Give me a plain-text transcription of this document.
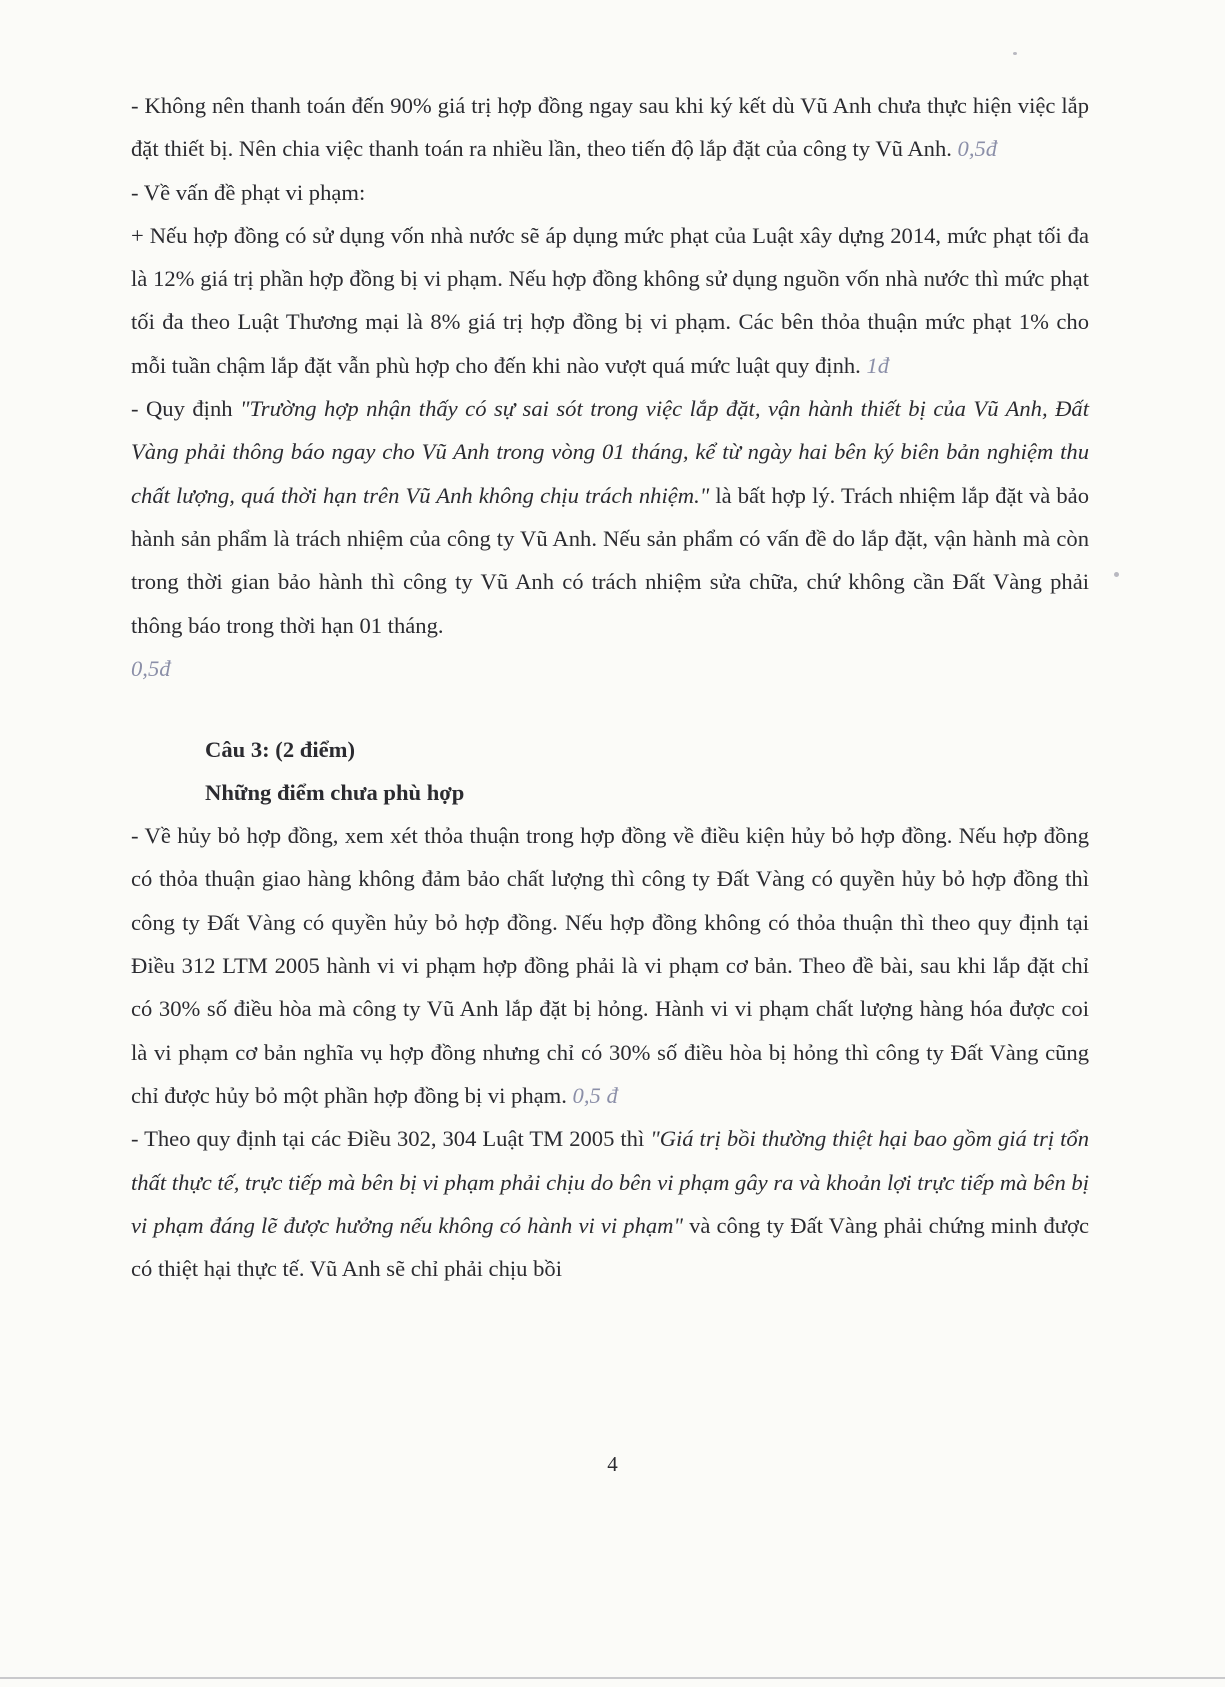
- Không nên thanh toán đến 90% giá trị hợp đồng ngay sau khi ký kết dù Vũ Anh chưa thực hiện việc lắp đặt thiết bị. Nên chia việc thanh toán ra nhiều lần, theo tiến độ lắp đặt của công ty Vũ Anh. 0,5đ

- Về vấn đề phạt vi phạm:

+ Nếu hợp đồng có sử dụng vốn nhà nước sẽ áp dụng mức phạt của Luật xây dựng 2014, mức phạt tối đa là 12% giá trị phần hợp đồng bị vi phạm. Nếu hợp đồng không sử dụng nguồn vốn nhà nước thì mức phạt tối đa theo Luật Thương mại là 8% giá trị hợp đồng bị vi phạm. Các bên thỏa thuận mức phạt 1% cho mỗi tuần chậm lắp đặt vẫn phù hợp cho đến khi nào vượt quá mức luật quy định. 1đ

- Quy định "Trường hợp nhận thấy có sự sai sót trong việc lắp đặt, vận hành thiết bị của Vũ Anh, Đất Vàng phải thông báo ngay cho Vũ Anh trong vòng 01 tháng, kể từ ngày hai bên ký biên bản nghiệm thu chất lượng, quá thời hạn trên Vũ Anh không chịu trách nhiệm." là bất hợp lý. Trách nhiệm lắp đặt và bảo hành sản phẩm là trách nhiệm của công ty Vũ Anh. Nếu sản phẩm có vấn đề do lắp đặt, vận hành mà còn trong thời gian bảo hành thì công ty Vũ Anh có trách nhiệm sửa chữa, chứ không cần Đất Vàng phải thông báo trong thời hạn 01 tháng.
0,5đ

Câu 3: (2 điểm)

Những điểm chưa phù hợp

- Về hủy bỏ hợp đồng, xem xét thỏa thuận trong hợp đồng về điều kiện hủy bỏ hợp đồng. Nếu hợp đồng có thỏa thuận giao hàng không đảm bảo chất lượng thì công ty Đất Vàng có quyền hủy bỏ hợp đồng thì công ty Đất Vàng có quyền hủy bỏ hợp đồng. Nếu hợp đồng không có thỏa thuận thì theo quy định tại Điều 312 LTM 2005 hành vi vi phạm hợp đồng phải là vi phạm cơ bản. Theo đề bài, sau khi lắp đặt chỉ có 30% số điều hòa mà công ty Vũ Anh lắp đặt bị hỏng. Hành vi vi phạm chất lượng hàng hóa được coi là vi phạm cơ bản nghĩa vụ hợp đồng nhưng chỉ có 30% số điều hòa bị hỏng thì công ty Đất Vàng cũng chỉ được hủy bỏ một phần hợp đồng bị vi phạm. 0,5 đ

- Theo quy định tại các Điều 302, 304 Luật TM 2005 thì "Giá trị bồi thường thiệt hại bao gồm giá trị tổn thất thực tế, trực tiếp mà bên bị vi phạm phải chịu do bên vi phạm gây ra và khoản lợi trực tiếp mà bên bị vi phạm đáng lẽ được hưởng nếu không có hành vi vi phạm" và công ty Đất Vàng phải chứng minh được có thiệt hại thực tế. Vũ Anh sẽ chỉ phải chịu bồi

4
